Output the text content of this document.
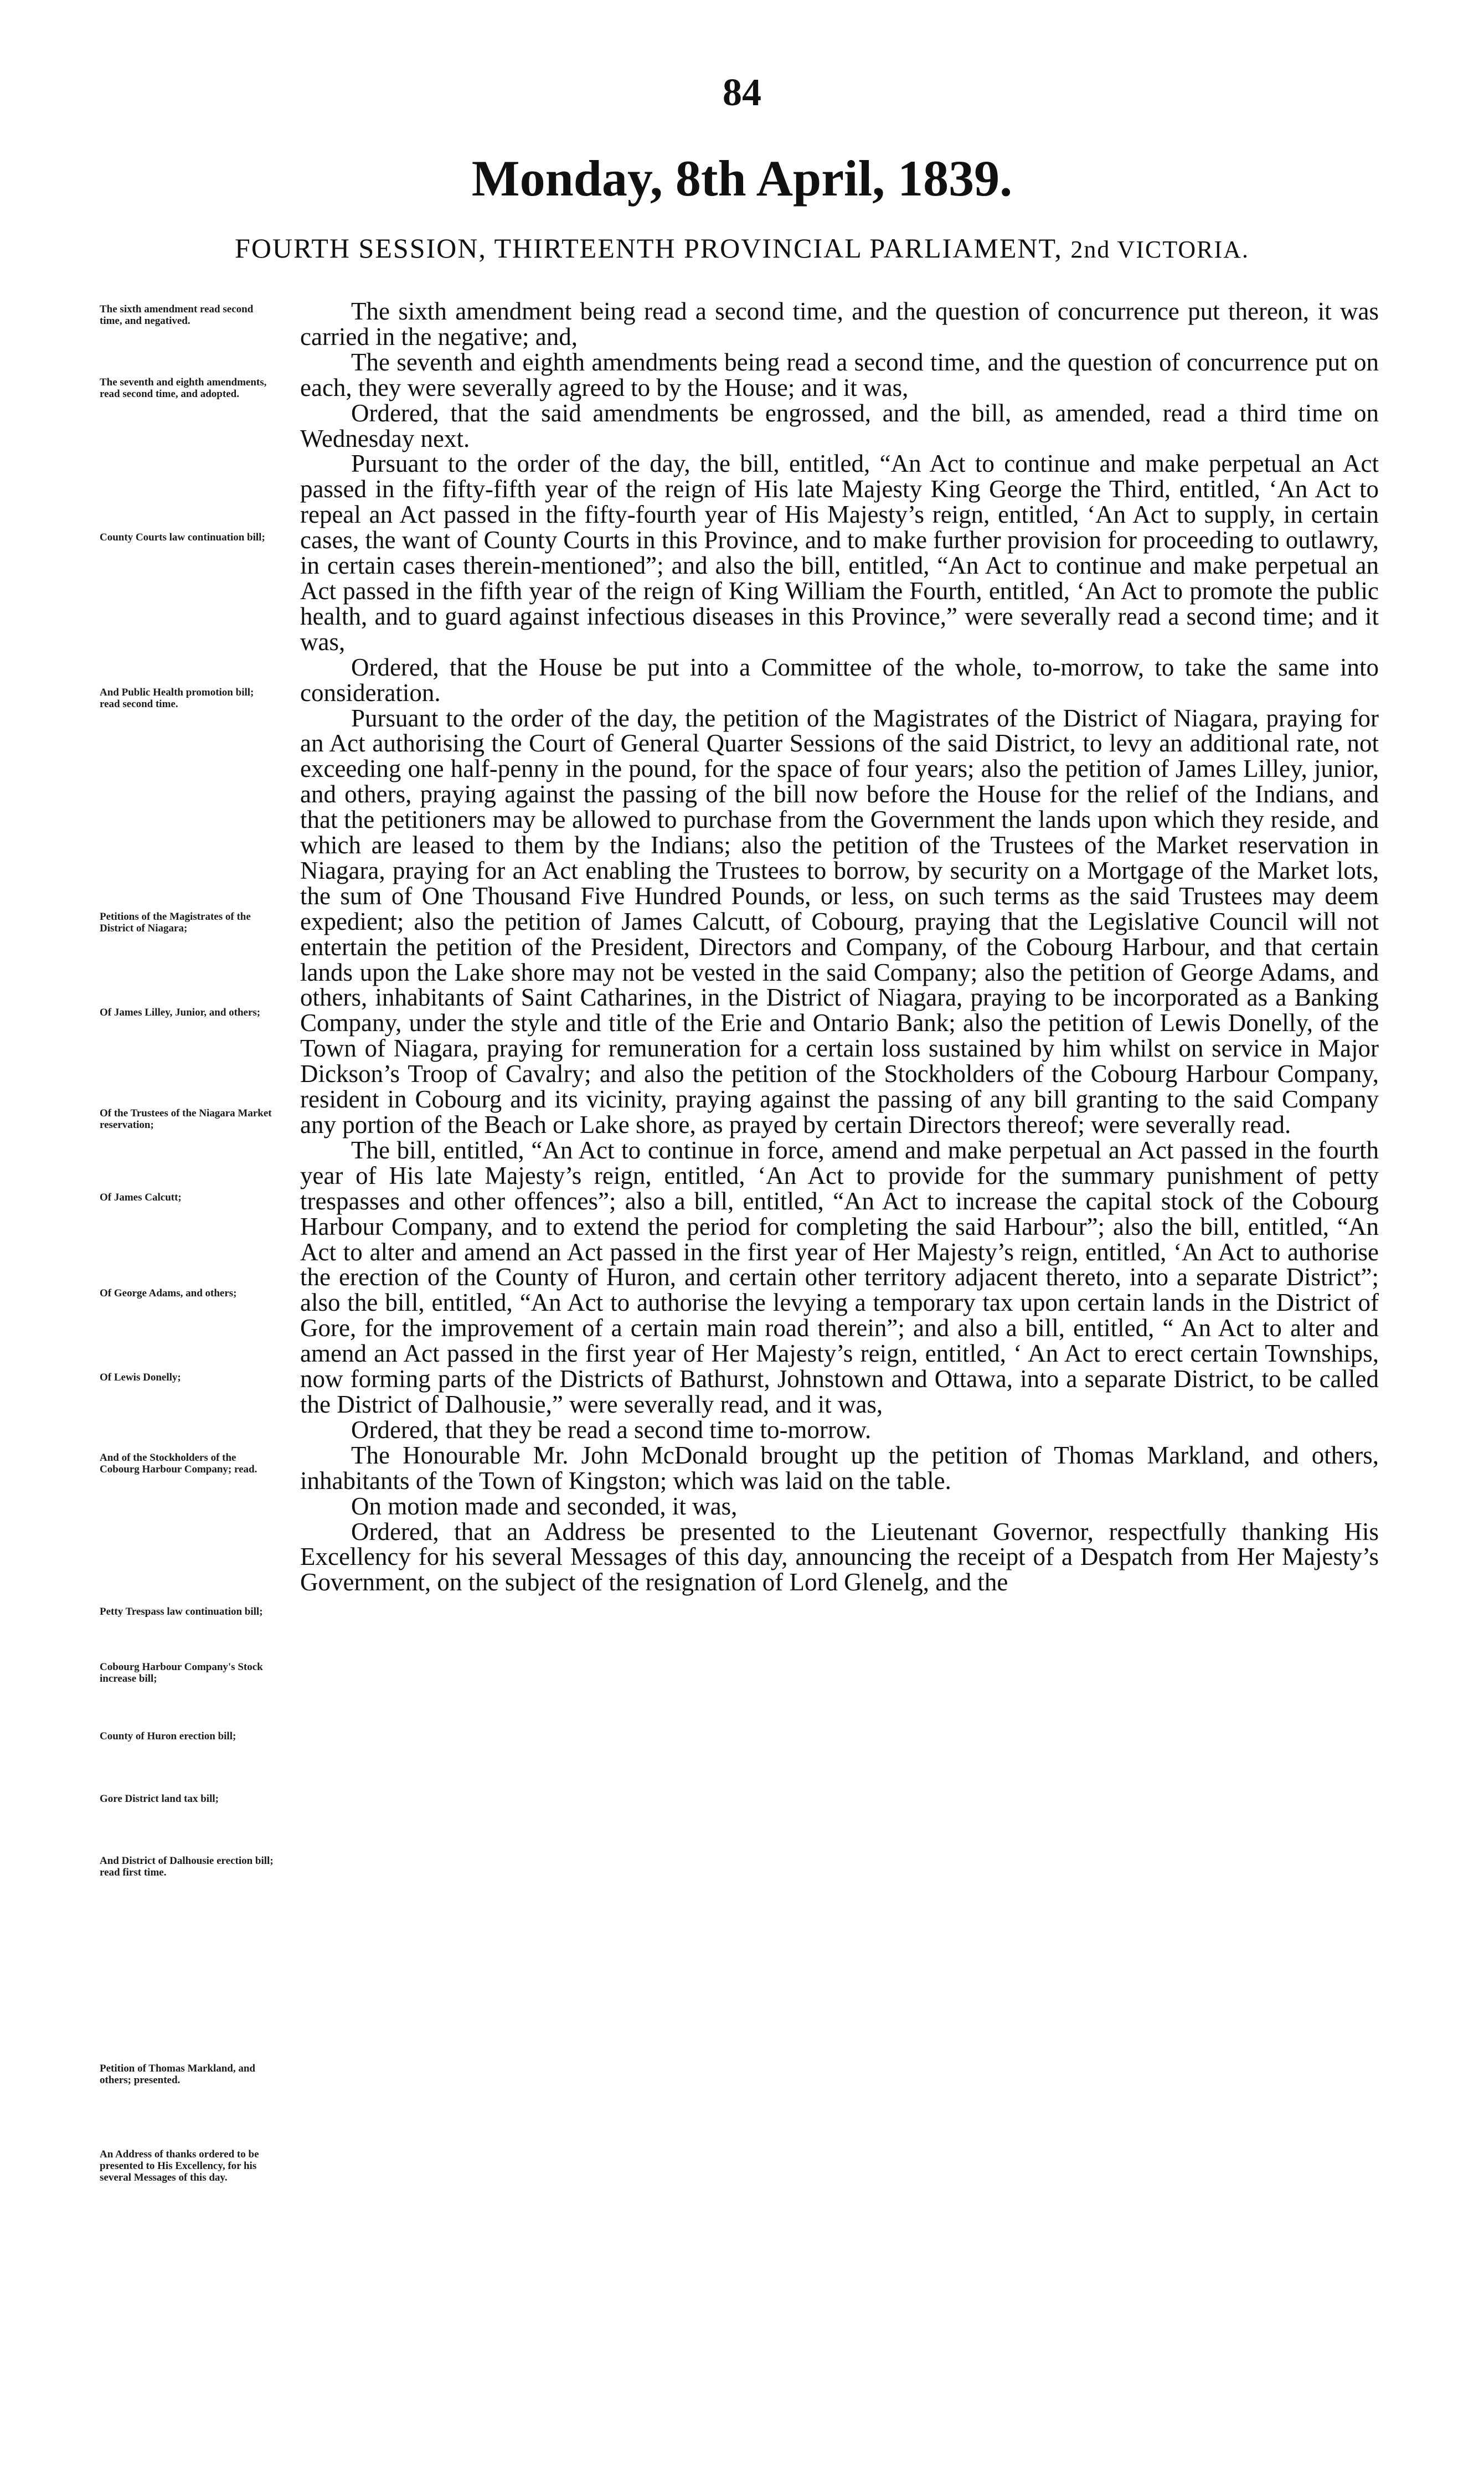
84
Monday, 8th April, 1839.
FOURTH SESSION, THIRTEENTH PROVINCIAL PARLIAMENT, 2nd VICTORIA.
The sixth amendment read second time, and negatived.
The seventh and eighth amendments, read second time, and adopted.
County Courts law continuation bill;
And Public Health promotion bill; read second time.
Petitions of the Magistrates of the District of Niagara;
Of James Lilley, Junior, and others;
Of the Trustees of the Niagara Market reservation;
Of James Calcutt;
Of George Adams, and others;
Of Lewis Donelly;
And of the Stockholders of the Cobourg Harbour Company; read.
Petty Trespass law continuation bill;
Cobourg Harbour Company's Stock increase bill;
County of Huron erection bill;
Gore District land tax bill;
And District of Dalhousie erection bill; read first time.
Petition of Thomas Markland, and others; presented.
An Address of thanks ordered to be presented to His Excellency, for his several Messages of this day.

The sixth amendment being read a second time, and the question of concurrence put thereon, it was carried in the negative; and,

The seventh and eighth amendments being read a second time, and the question of concurrence put on each, they were severally agreed to by the House; and it was,

Ordered, that the said amendments be engrossed, and the bill, as amended, read a third time on Wednesday next.

Pursuant to the order of the day, the bill, entitled, “An Act to continue and make perpetual an Act passed in the fifty-fifth year of the reign of His late Majesty King George the Third, entitled, ‘An Act to repeal an Act passed in the fifty-fourth year of His Majesty’s reign, entitled, ‘An Act to supply, in certain cases, the want of County Courts in this Province, and to make further provision for proceeding to outlawry, in certain cases therein-mentioned”; and also the bill, entitled, “An Act to continue and make perpetual an Act passed in the fifth year of the reign of King William the Fourth, entitled, ‘An Act to promote the public health, and to guard against infectious diseases in this Province,” were severally read a second time; and it was,

Ordered, that the House be put into a Committee of the whole, to-morrow, to take the same into consideration.

Pursuant to the order of the day, the petition of the Magistrates of the District of Niagara, praying for an Act authorising the Court of General Quarter Sessions of the said District, to levy an additional rate, not exceeding one half-penny in the pound, for the space of four years; also the petition of James Lilley, junior, and others, praying against the passing of the bill now before the House for the relief of the Indians, and that the petitioners may be allowed to purchase from the Government the lands upon which they reside, and which are leased to them by the Indians; also the petition of the Trustees of the Market reservation in Niagara, praying for an Act enabling the Trustees to borrow, by security on a Mortgage of the Market lots, the sum of One Thousand Five Hundred Pounds, or less, on such terms as the said Trustees may deem expedient; also the petition of James Calcutt, of Cobourg, praying that the Legislative Council will not entertain the petition of the President, Directors and Company, of the Cobourg Harbour, and that certain lands upon the Lake shore may not be vested in the said Company; also the petition of George Adams, and others, inhabitants of Saint Catharines, in the District of Niagara, praying to be incorporated as a Banking Company, under the style and title of the Erie and Ontario Bank; also the petition of Lewis Donelly, of the Town of Niagara, praying for remuneration for a certain loss sustained by him whilst on service in Major Dickson’s Troop of Cavalry; and also the petition of the Stockholders of the Cobourg Harbour Company, resident in Cobourg and its vicinity, praying against the passing of any bill granting to the said Company any portion of the Beach or Lake shore, as prayed by certain Directors thereof; were severally read.

The bill, entitled, “An Act to continue in force, amend and make perpetual an Act passed in the fourth year of His late Majesty’s reign, entitled, ‘An Act to provide for the summary punishment of petty trespasses and other offences”; also a bill, entitled, “An Act to increase the capital stock of the Cobourg Harbour Company, and to extend the period for completing the said Harbour”; also the bill, entitled, “An Act to alter and amend an Act passed in the first year of Her Majesty’s reign, entitled, ‘An Act to authorise the erection of the County of Huron, and certain other territory adjacent thereto, into a separate District”; also the bill, entitled, “An Act to authorise the levying a temporary tax upon certain lands in the District of Gore, for the improvement of a certain main road therein”; and also a bill, entitled, “ An Act to alter and amend an Act passed in the first year of Her Majesty’s reign, entitled, ‘ An Act to erect certain Townships, now forming parts of the Districts of Bathurst, Johnstown and Ottawa, into a separate District, to be called the District of Dalhousie,” were severally read, and it was,

Ordered, that they be read a second time to-morrow.

The Honourable Mr. John McDonald brought up the petition of Thomas Markland, and others, inhabitants of the Town of Kingston; which was laid on the table.

On motion made and seconded, it was,

Ordered, that an Address be presented to the Lieutenant Governor, respectfully thanking His Excellency for his several Messages of this day, announcing the receipt of a Despatch from Her Majesty’s Government, on the subject of the resignation of Lord Glenelg, and the
